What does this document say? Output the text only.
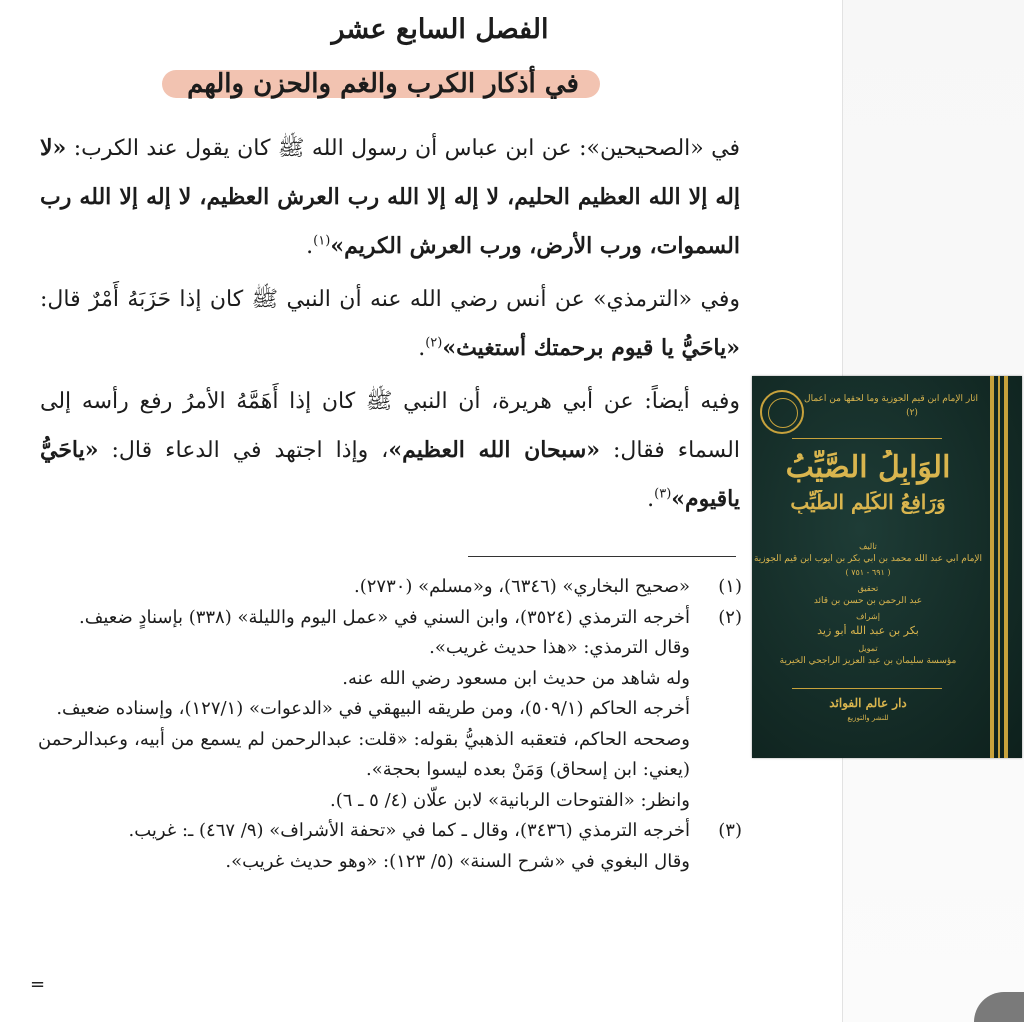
الفصل السابع عشر
في أذكار الكرب والغم والحزن والهم

في «الصحيحين»: عن ابن عباس أن رسول الله ﷺ كان يقول عند الكرب: «لا إله إلا الله العظيم الحليم، لا إله إلا الله رب العرش العظيم، لا إله إلا الله رب السموات، ورب الأرض، ورب العرش الكريم»$^{(١)}$.

وفي «الترمذي» عن أنس رضي الله عنه أن النبي ﷺ كان إذا حَزَبَهُ أَمْرٌ قال: «ياحَيُّ يا قيوم برحمتك أستغيث»$^{(٢)}$.

وفيه أيضاً: عن أبي هريرة، أن النبي ﷺ كان إذا أَهَمَّهُ الأمرُ رفع رأسه إلى السماء فقال: «سبحان الله العظيم»، وإذا اجتهد في الدعاء قال: «ياحَيُّ ياقيوم»$^{(٣)}$.

(١)

«صحيح البخاري» (٦٣٤٦)، و«مسلم» (٢٧٣٠).

(٢)

أخرجه الترمذي (٣٥٢٤)، وابن السني في «عمل اليوم والليلة» (٣٣٨) بإسنادٍ ضعيف.

وقال الترمذي: «هذا حديث غريب».

وله شاهد من حديث ابن مسعود رضي الله عنه.

أخرجه الحاكم (٥٠٩/١)، ومن طريقه البيهقي في «الدعوات» (١٢٧/١)، وإسناده ضعيف.

وصححه الحاكم، فتعقبه الذهبيُّ بقوله: «قلت: عبدالرحمن لم يسمع من أبيه، وعبدالرحمن (يعني: ابن إسحاق) وَمَنْ بعده ليسوا بحجة».

وانظر: «الفتوحات الربانية» لابن علّان (٤/ ٥ ـ ٦).

(٣)

أخرجه الترمذي (٣٤٣٦)، وقال ـ كما في «تحفة الأشراف» (٩/ ٤٦٧) ـ: غريب.

وقال البغوي في «شرح السنة» (٥/ ١٢٣): «وهو حديث غريب».

=

آثار الإمام ابن قيم الجوزية وما لحقها من أعمال

(٢)

الوَابِلُ الصَّيِّبُ

وَرَافِعُ الكَلِمِ الطَّيِّبِ

تأليف

الإمام أبي عبد الله محمد بن أبي بكر بن أيوب ابن قيم الجوزية

( ٦٩١ - ٧٥١ )

تحقيق

عبد الرحمن بن حسن بن قائد

إشراف

بكر بن عبد الله أبو زيد

تمويل

مؤسسة سليمان بن عبد العزيز الراجحي الخيرية

دار عالم الفوائد

للنشر والتوزيع
